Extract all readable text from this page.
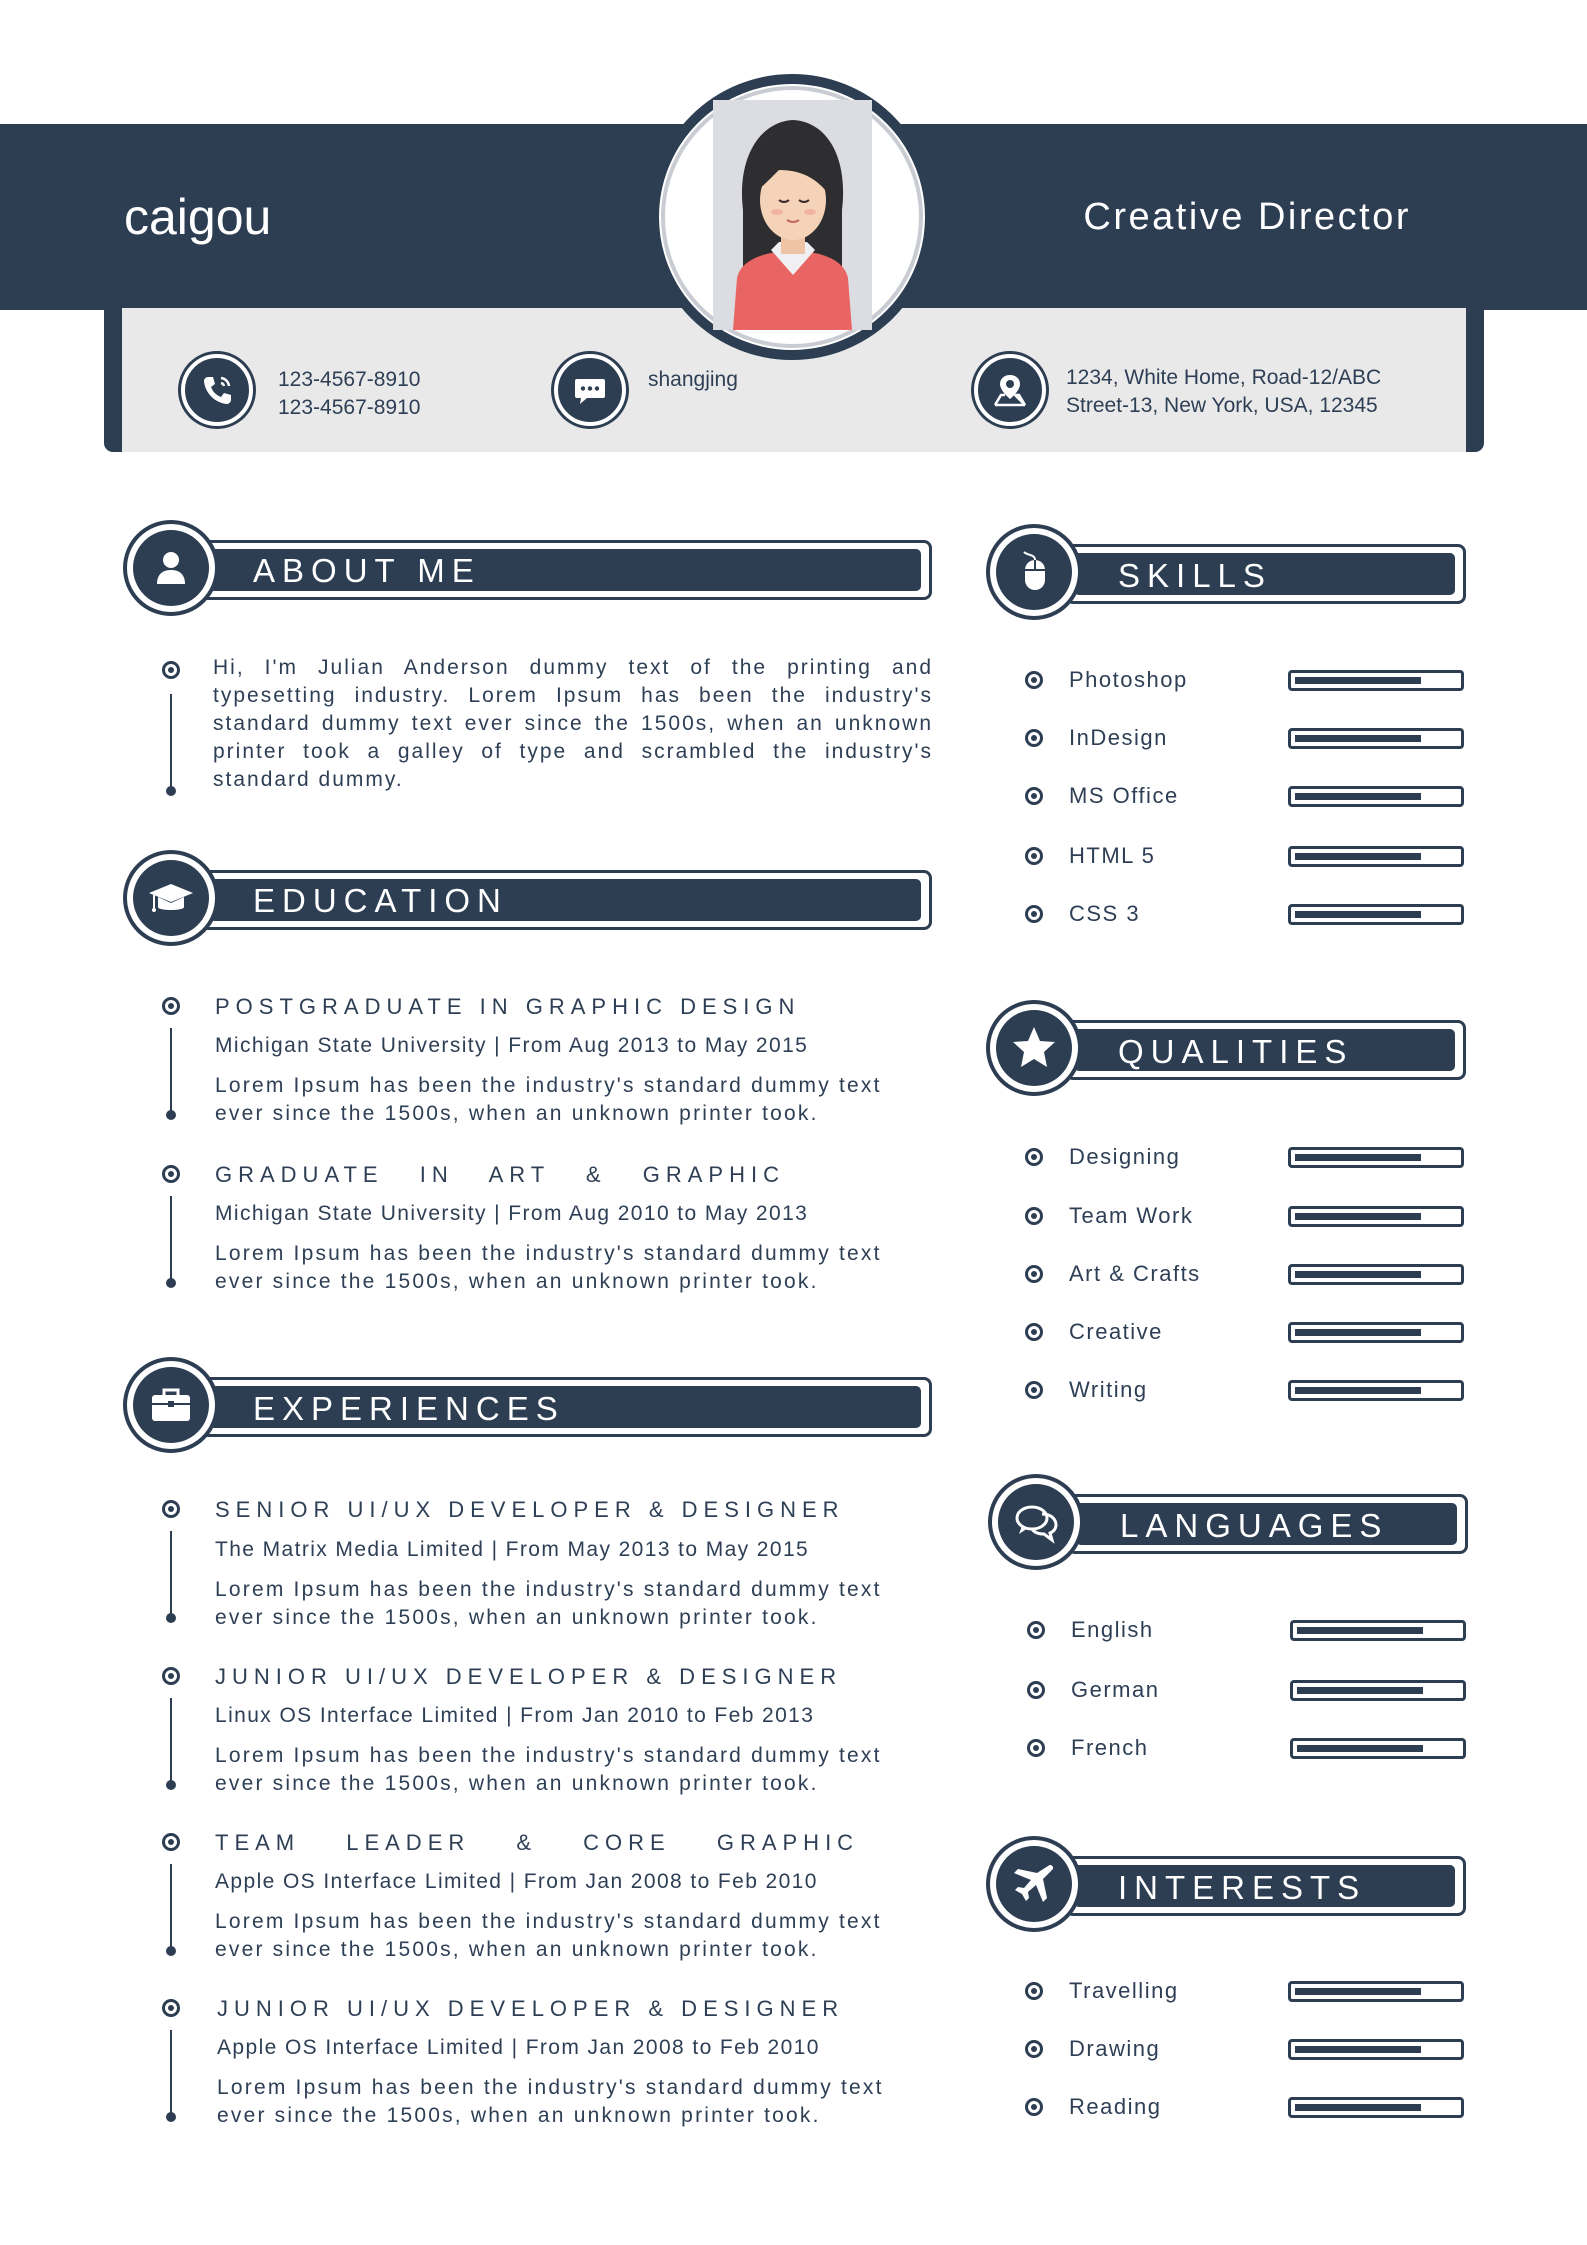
caigou	Creative Director
123-4567-8910
123-4567-8910
shangjing	1234, White Home, Road-12/ABC
Street-13, New York, USA, 12345
ABOUT ME
Hi, I'm Julian Anderson dummy text of the printing and typesetting industry. Lorem Ipsum has been the industry's standard dummy text ever since the 1500s, when an unknown printer took a galley of type and scrambled the industry's standard dummy.
EDUCATION
POSTGRADUATE IN GRAPHIC DESIGN
Michigan State University | From Aug 2013 to May 2015
Lorem Ipsum has been the industry's standard dummy text
ever since the 1500s, when an unknown printer took.
GRADUATE IN ART & GRAPHIC
Michigan State University | From Aug 2010 to May 2013
Lorem Ipsum has been the industry's standard dummy text
ever since the 1500s, when an unknown printer took.
EXPERIENCES
SENIOR UI/UX DEVELOPER & DESIGNER
The Matrix Media Limited | From May 2013 to May 2015
Lorem Ipsum has been the industry's standard dummy text
ever since the 1500s, when an unknown printer took.
JUNIOR UI/UX DEVELOPER & DESIGNER
Linux OS Interface Limited | From Jan 2010 to Feb 2013
Lorem Ipsum has been the industry's standard dummy text
ever since the 1500s, when an unknown printer took.
TEAM LEADER & CORE GRAPHIC
Apple OS Interface Limited | From Jan 2008 to Feb 2010
Lorem Ipsum has been the industry's standard dummy text
ever since the 1500s, when an unknown printer took.
JUNIOR UI/UX DEVELOPER & DESIGNER
Apple OS Interface Limited | From Jan 2008 to Feb 2010
Lorem Ipsum has been the industry's standard dummy text
ever since the 1500s, when an unknown printer took.
SKILLS
Photoshop
InDesign
MS Office
HTML 5
CSS 3
QUALITIES
Designing
Team Work
Art & Crafts
Creative
Writing
LANGUAGES
English
German
French
INTERESTS
Travelling
Drawing
Reading
